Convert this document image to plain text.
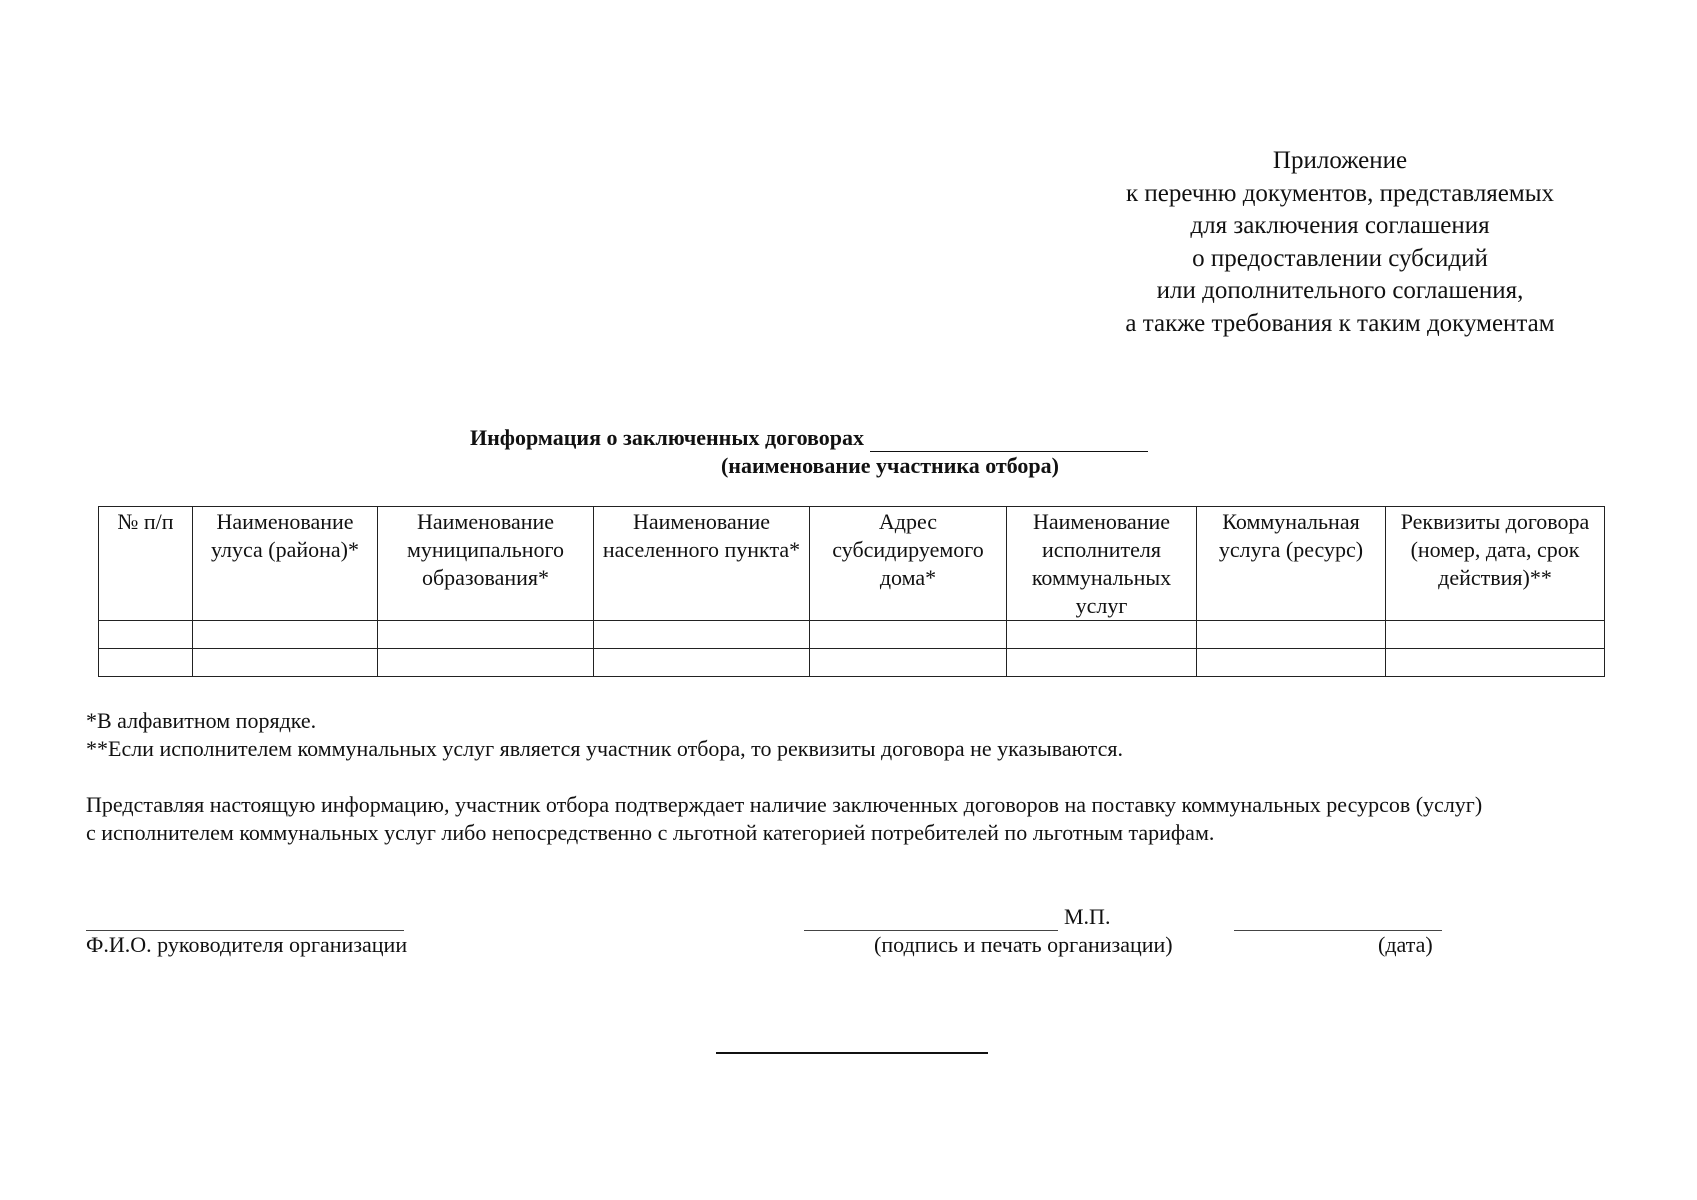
Приложение
к перечню документов, представляемых
для заключения соглашения
о предоставлении субсидий
или дополнительного соглашения,
а также требования к таким документам
Информация о заключенных договорах
(наименование участника отбора)
№ п/п	Наименование улуса (района)*	Наименование муниципального образования*	Наименование населенного пункта*	Адрес субсидируемого дома*	Наименование исполнителя коммунальных услуг	Коммунальная услуга (ресурс)	Реквизиты договора (номер, дата, срок действия)**

*В алфавитном порядке.
**Если исполнителем коммунальных услуг является участник отбора, то реквизиты договора не указываются.
Представляя настоящую информацию, участник отбора подтверждает наличие заключенных договоров на поставку коммунальных ресурсов (услуг)
с исполнителем коммунальных услуг либо непосредственно с льготной категорией потребителей по льготным тарифам.
Ф.И.О. руководителя организации
М.П.
(подпись и печать организации)	(дата)
